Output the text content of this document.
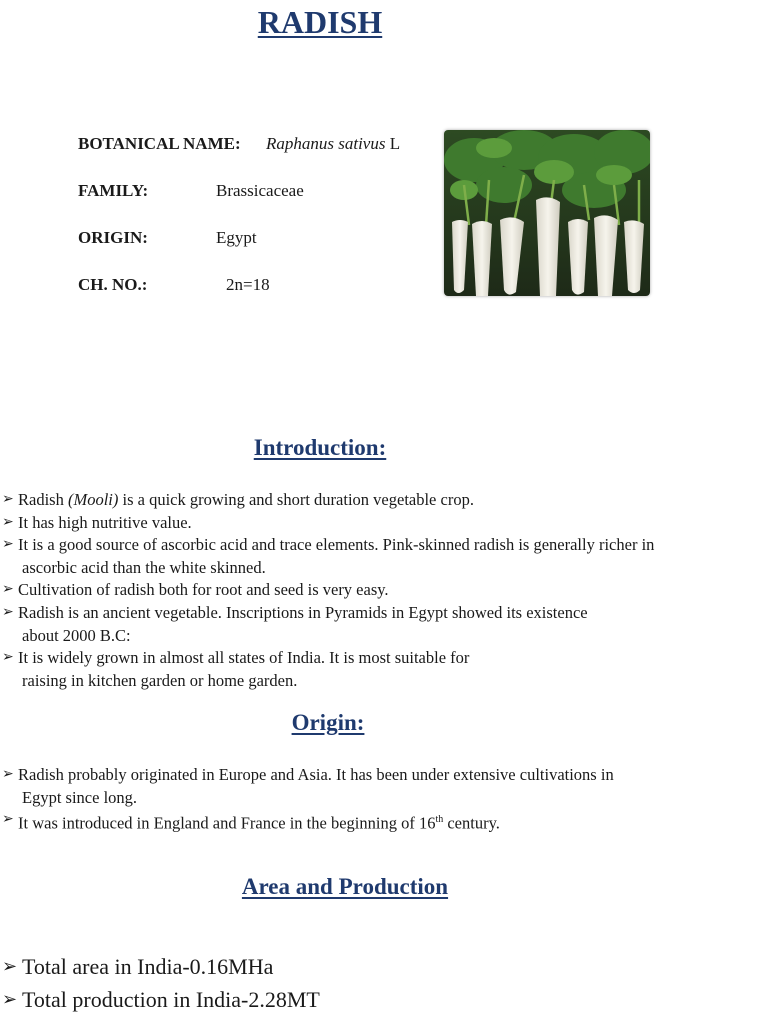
RADISH
BOTANICAL NAME: Raphanus sativus L
FAMILY:	Brassicaceae
ORIGIN:	Egypt
CH. NO.:	2n=18
Introduction:
➢ Radish (Mooli) is a quick growing and short duration vegetable crop.
➢ It has high nutritive value.
➢ It is a good source of ascorbic acid and trace elements. Pink-skinned radish is generally richer in
ascorbic acid than the white skinned.
➢ Cultivation of radish both for root and seed is very easy.
➢ Radish is an ancient vegetable. Inscriptions in Pyramids in Egypt showed its existence
about 2000 B.C:
➢ It is widely grown in almost all states of India. It is most suitable for
raising in kitchen garden or home garden.
Origin:
➢ Radish probably originated in Europe and Asia. It has been under extensive cultivations in
Egypt since long.
➢ It was introduced in England and France in the beginning of 16th century.
Area and Production
➢ Total area in India-0.16MHa
➢ Total production in India-2.28MT
